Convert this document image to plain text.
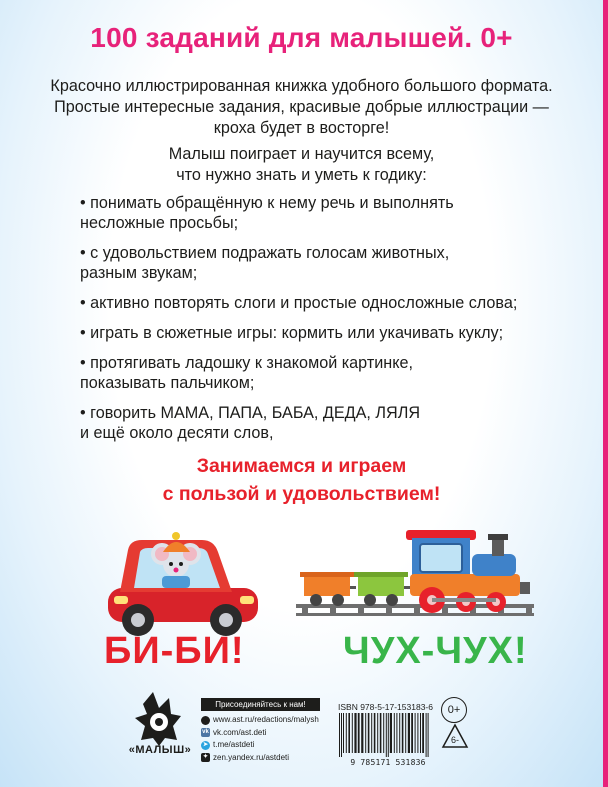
100 заданий для малышей. 0+

Красочно иллюстрированная книжка удобного большого формата.

Простые интересные задания, красивые добрые иллюстрации —

кроха будет в восторге!

Малыш поиграет и научится всему,
что нужно знать и уметь к годику:
• понимать обращённую к нему речь и выполнять
несложные просьбы;
• с удовольствием подражать голосам животных,
разным звукам;
• активно повторять слоги и простые односложные слова;
• играть в сюжетные игры: кормить или укачивать куклу;
• протягивать ладошку к знакомой картинке,
показывать пальчиком;
• говорить МАМА, ПАПА, БАБА, ДЕДА, ЛЯЛЯ
и ещё около десяти слов,
Занимаемся и играем
с пользой и удовольствием!
БИ-БИ!	ЧУХ-ЧУХ!
«МАЛЫШ»
Присоединяйтесь к нам!
www.ast.ru/redactions/malysh
vk vk.com/ast.deti
➤ t.me/astdeti
✦ zen.yandex.ru/astdeti
ISBN 978-5-17-153183-6
9 785171 531836
0+
6-
